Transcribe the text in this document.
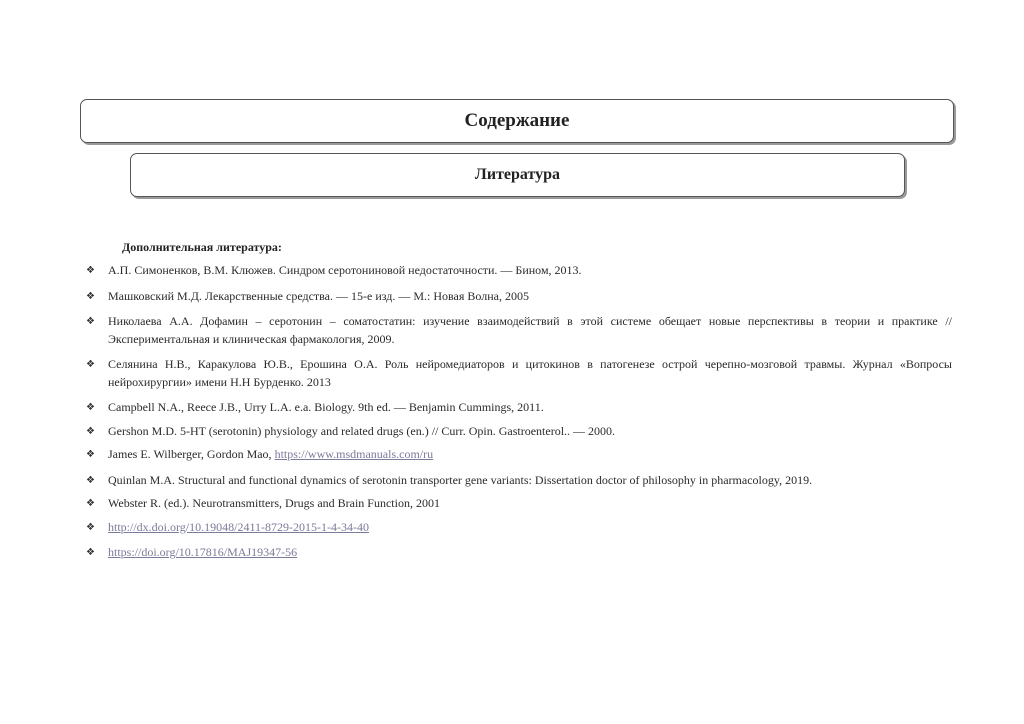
Содержание
Литература
Дополнительная литература:
❖	А.П. Симоненков, В.М. Клюжев. Синдром серотониновой недостаточности. — Бином, 2013.
❖	Машковский М.Д. Лекарственные средства. — 15-е изд. — М.: Новая Волна, 2005
❖	Николаева А.А. Дофамин – серотонин – соматостатин: изучение взаимодействий в этой системе обещает новые перспективы в теории и практике // Экспериментальная и клиническая фармакология, 2009.
❖	Селянина Н.В., Каракулова Ю.В., Ерошина О.А. Роль нейромедиаторов и цитокинов в патогенезе острой черепно-мозговой травмы. Журнал «Вопросы нейрохирургии» имени Н.Н Бурденко. 2013
❖	Campbell N.A., Reece J.B., Urry L.A. e.a. Biology. 9th ed. — Benjamin Cummings, 2011.
❖	Gershon M.D. 5-HT (serotonin) physiology and related drugs (en.) // Curr. Opin. Gastroenterol.. — 2000.
❖	James E. Wilberger, Gordon Mao, https://www.msdmanuals.com/ru
❖	Quinlan M.A. Structural and functional dynamics of serotonin transporter gene variants: Dissertation doctor of philosophy in pharmacology, 2019.
❖	Webster R. (ed.). Neurotransmitters, Drugs and Brain Function, 2001
❖	http://dx.doi.org/10.19048/2411-8729-2015-1-4-34-40
❖	https://doi.org/10.17816/MAJ19347-56
